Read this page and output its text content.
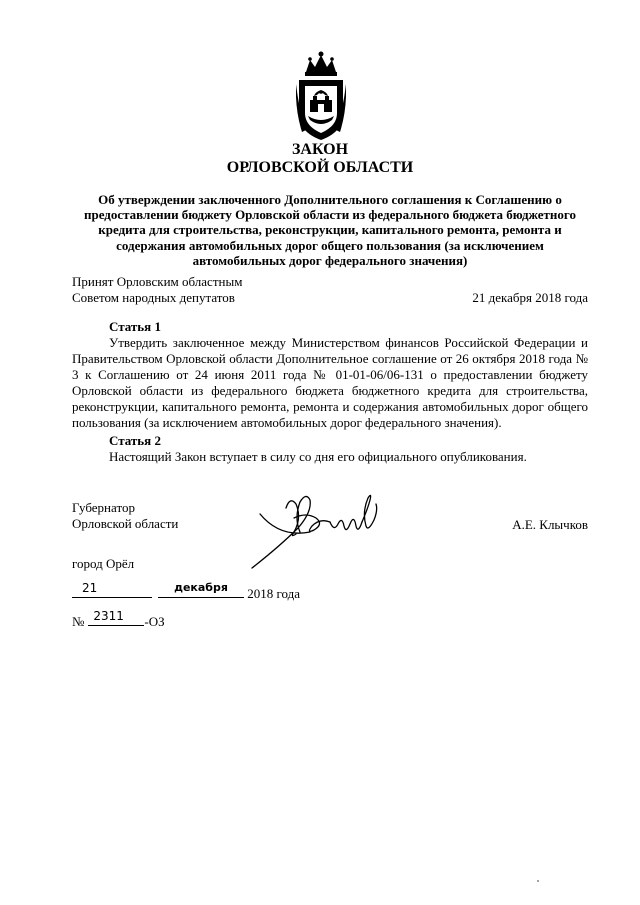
ЗАКОН
ОРЛОВСКОЙ ОБЛАСТИ
Об утверждении заключенного Дополнительного соглашения к Соглашению о предоставлении бюджету Орловской области из федерального бюджета бюджетного кредита для строительства, реконструкции, капитального ремонта, ремонта и содержания автомобильных дорог общего пользования (за исключением автомобильных дорог федерального значения)
Принят Орловским областным
Советом народных депутатов	21 декабря 2018 года
Статья 1

Утвердить заключенное между Министерством финансов Российской Федерации и Правительством Орловской области Дополнительное соглашение от 26 октября 2018 года № 3 к Соглашению от 24 июня 2011 года № 01-01-06/06-131 о предоставлении бюджету Орловской области из федерального бюджета бюджетного кредита для строительства, реконструкции, капитального ремонта, ремонта и содержания автомобильных дорог общего пользования (за исключением автомобильных дорог федерального значения).

Статья 2

Настоящий Закон вступает в силу со дня его официального опубликования.

Губернатор
Орловской области	А.Е. Клычков
город Орёл
21	декабря	2018 года
№ 2311	-ОЗ
